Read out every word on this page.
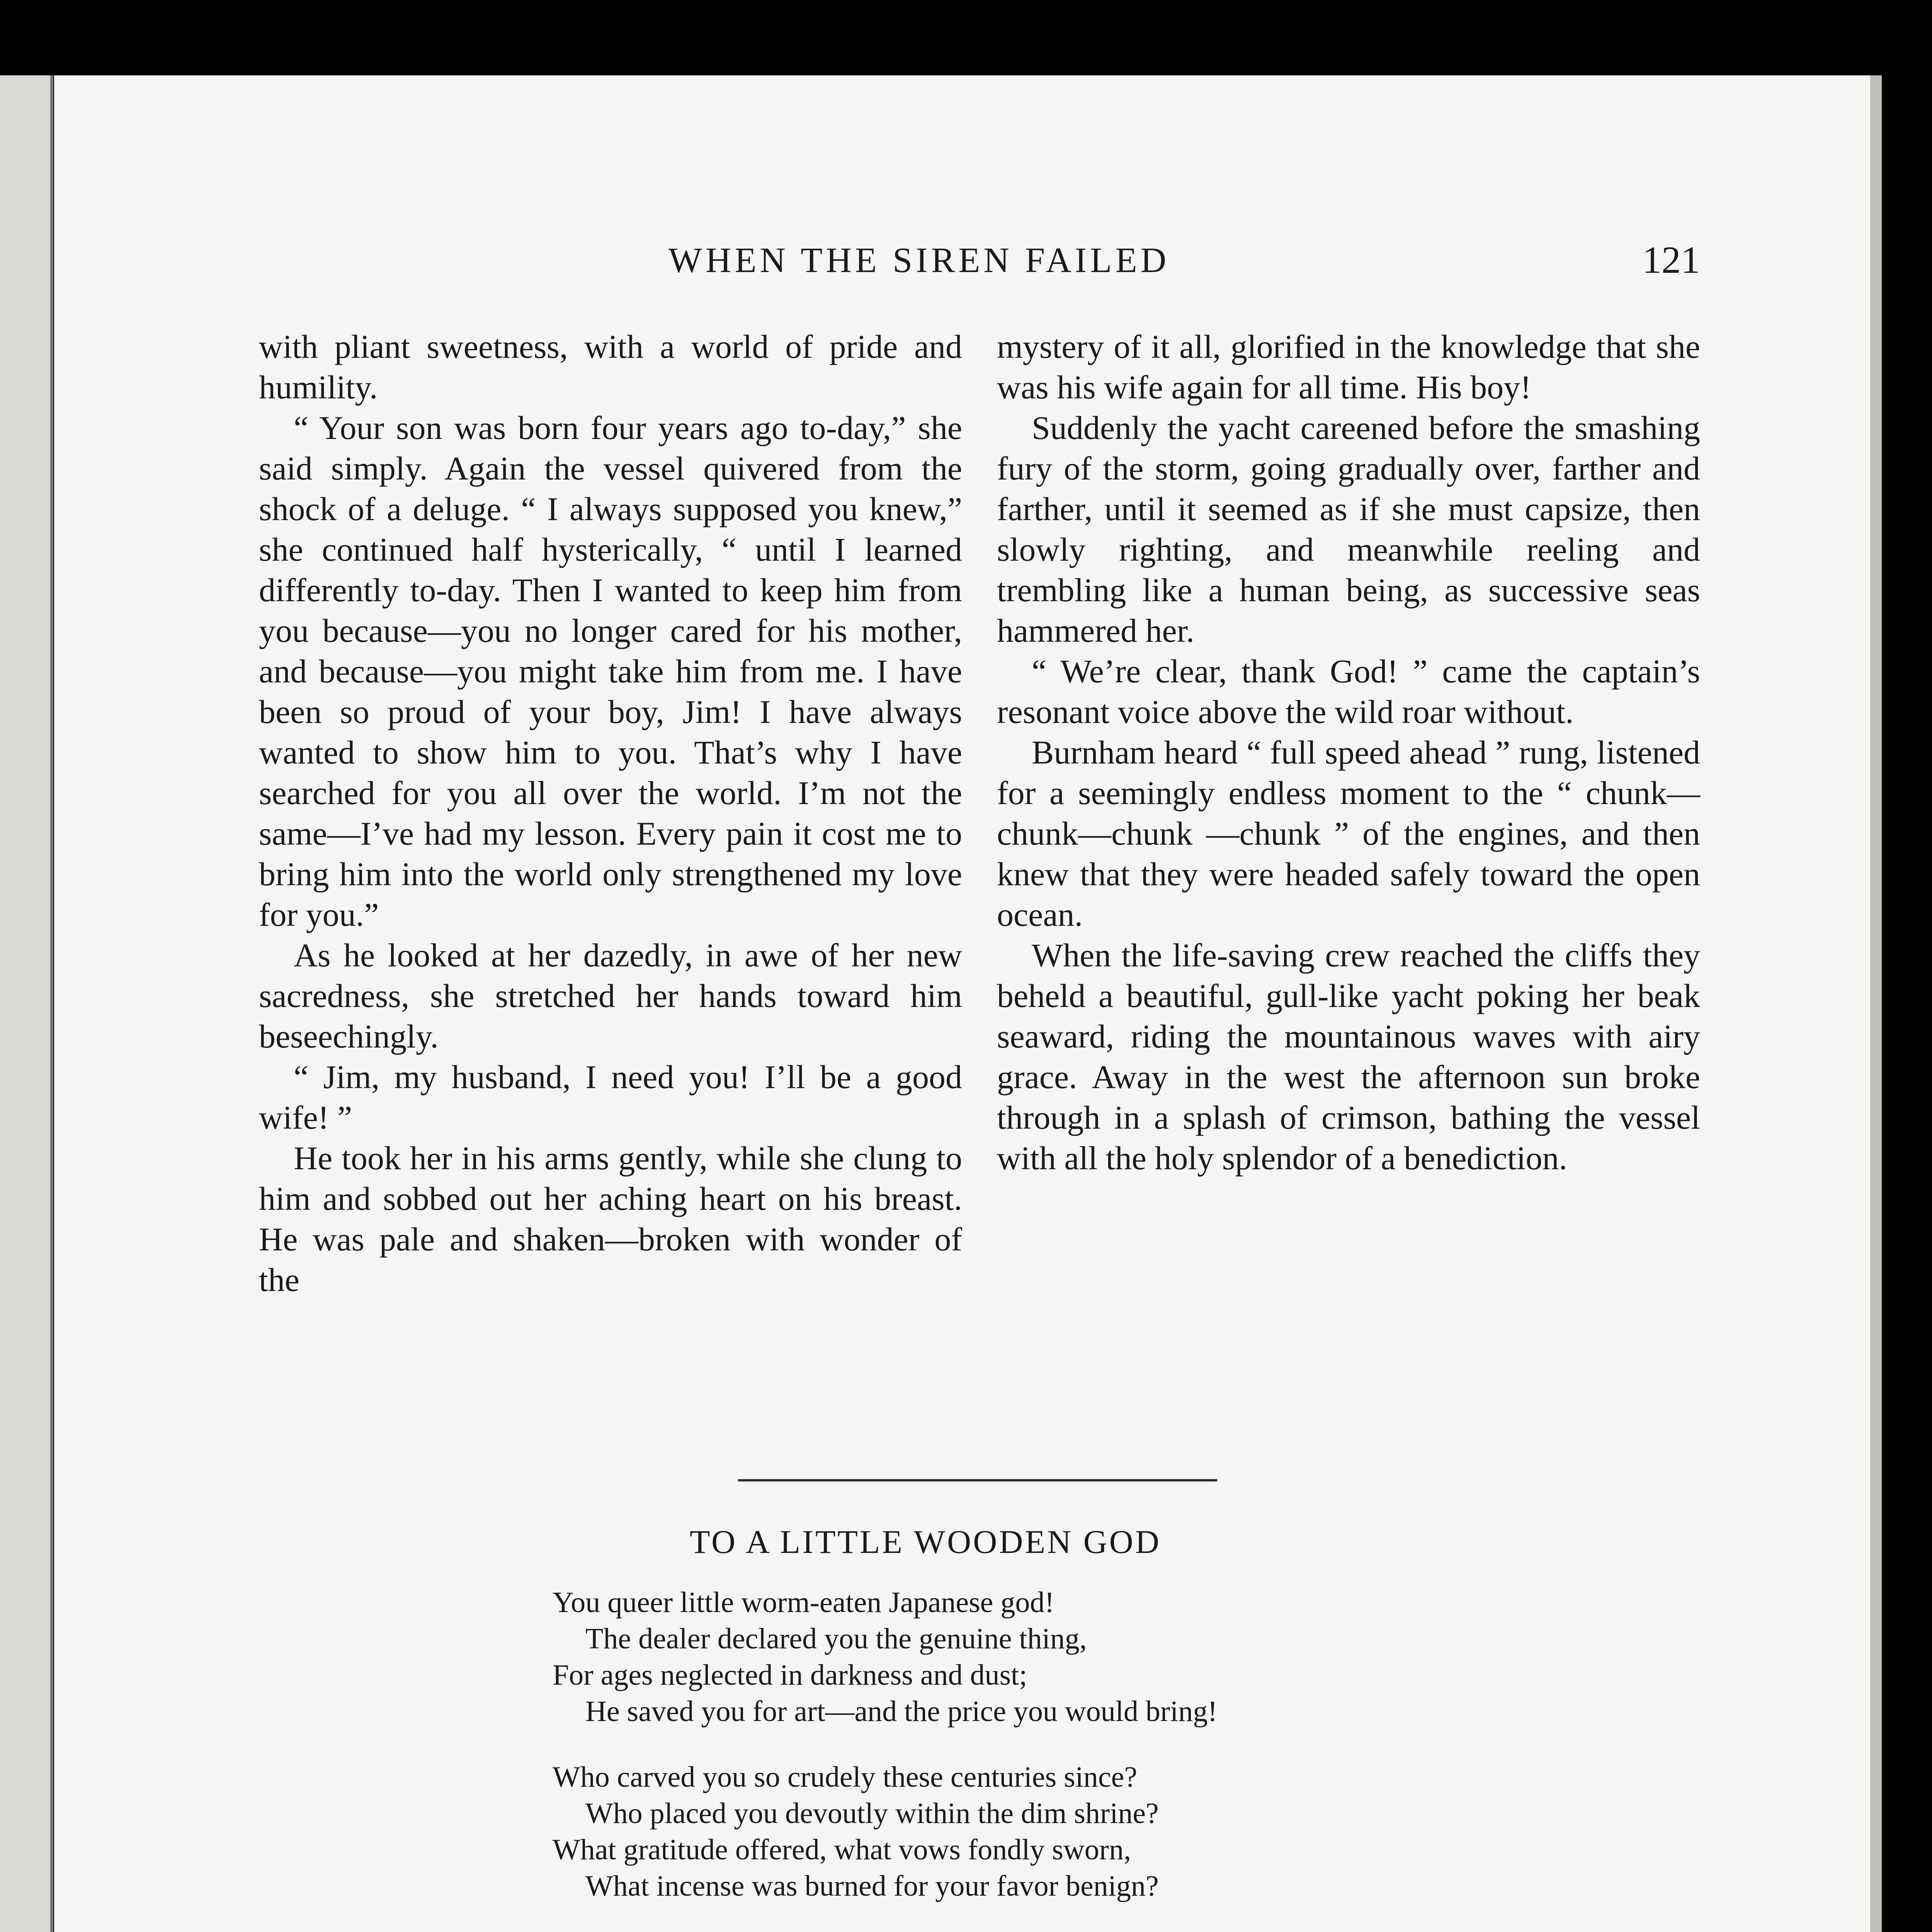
WHEN THE SIREN FAILED	121

with pliant sweetness, with a world of pride and humility.

“ Your son was born four years ago to-day,” she said simply. Again the vessel quivered from the shock of a deluge. “ I always supposed you knew,” she continued half hysterically, “ until I learned differently to-day. Then I wanted to keep him from you because—you no longer cared for his mother, and because—you might take him from me. I have been so proud of your boy, Jim! I have always wanted to show him to you. That’s why I have searched for you all over the world. I’m not the same—I’ve had my lesson. Every pain it cost me to bring him into the world only strengthened my love for you.”

As he looked at her dazedly, in awe of her new sacredness, she stretched her hands toward him beseechingly.

“ Jim, my husband, I need you! I’ll be a good wife! ”

He took her in his arms gently, while she clung to him and sobbed out her aching heart on his breast. He was pale and shaken—broken with wonder of the

mystery of it all, glorified in the knowledge that she was his wife again for all time. His boy!

Suddenly the yacht careened before the smashing fury of the storm, going gradually over, farther and farther, until it seemed as if she must capsize, then slowly righting, and meanwhile reeling and trembling like a human being, as successive seas hammered her.

“ We’re clear, thank God! ” came the captain’s resonant voice above the wild roar without.

Burnham heard “ full speed ahead ” rung, listened for a seemingly endless moment to the “ chunk—chunk—chunk —chunk ” of the engines, and then knew that they were headed safely toward the open ocean.

When the life-saving crew reached the cliffs they beheld a beautiful, gull-like yacht poking her beak seaward, riding the mountainous waves with airy grace. Away in the west the afternoon sun broke through in a splash of crimson, bathing the vessel with all the holy splendor of a benediction.

TO A LITTLE WOODEN GOD
You queer little worm-eaten Japanese god!
The dealer declared you the genuine thing,
For ages neglected in darkness and dust;
He saved you for art—and the price you would bring!
Who carved you so crudely these centuries since?
Who placed you devoutly within the dim shrine?
What gratitude offered, what vows fondly sworn,
What incense was burned for your favor benign?
